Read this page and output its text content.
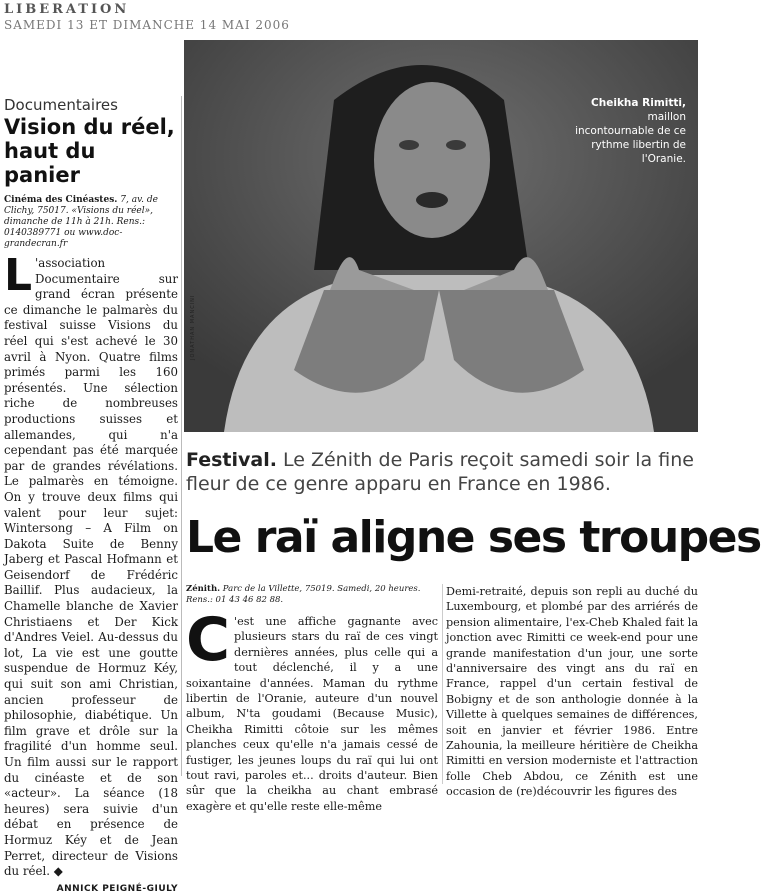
LIBERATION
SAMEDI 13 ET DIMANCHE 14 MAI 2006
Documentaires
Vision du réel, haut du panier
Cinéma des Cinéastes. 7, av. de Clichy, 75017. «Visions du réel», dimanche de 11h à 21h. Rens.: 0140389771 ou www.doc-grandecran.fr
L 'association Documentaire sur grand écran présente ce dimanche le palmarès du festival suisse Visions du réel qui s'est achevé le 30 avril à Nyon. Quatre films primés parmi les 160 présentés. Une sélection riche de nombreuses productions suisses et allemandes, qui n'a cependant pas été marquée par de grandes révélations. Le palmarès en témoigne. On y trouve deux films qui valent pour leur sujet: Wintersong – A Film on Dakota Suite de Benny Jaberg et Pascal Hofmann et Geisendorf de Frédéric Baillif. Plus audacieux, la Chamelle blanche de Xavier Christiaens et Der Kick d'Andres Veiel. Au-dessus du lot, La vie est une goutte suspendue de Hormuz Kéy, qui suit son ami Christian, ancien professeur de philosophie, diabétique. Un film grave et drôle sur la fragilité d'un homme seul. Un film aussi sur le rapport du cinéaste et de son «acteur». La séance (18 heures) sera suivie d'un débat en présence de Hormuz Kéy et de Jean Perret, directeur de Visions du réel. ◆
ANNICK PEIGNÉ-GIULY
Cheikha Rimitti,
maillon incontournable de ce rythme libertin de l'Oranie.
JONATHAN MANCINI
Festival. Le Zénith de Paris reçoit samedi soir la fine fleur de ce genre apparu en France en 1986.
Le raï aligne ses troupes
Zénith. Parc de la Villette, 75019. Samedi, 20 heures. Rens.: 01 43 46 82 88.
C 'est une affiche gagnante avec plusieurs stars du raï de ces vingt dernières années, plus celle qui a tout déclenché, il y a une soixantaine d'années. Maman du rythme libertin de l'Oranie, auteure d'un nouvel album, N'ta goudami (Because Music), Cheikha Rimitti côtoie sur les mêmes planches ceux qu'elle n'a jamais cessé de fustiger, les jeunes loups du raï qui lui ont tout ravi, paroles et... droits d'auteur. Bien sûr que la cheikha au chant embrasé exagère et qu'elle reste elle-même
Demi-retraité, depuis son repli au duché du Luxembourg, et plombé par des arriérés de pension alimentaire, l'ex-Cheb Khaled fait la jonction avec Rimitti ce week-end pour une grande manifestation d'un jour, une sorte d'anniversaire des vingt ans du raï en France, rappel d'un certain festival de Bobigny et de son anthologie donnée à la Villette à quelques semaines de différences, soit en janvier et février 1986. Entre Zahounia, la meilleure héritière de Cheikha Rimitti en version moderniste et l'attraction folle Cheb Abdou, ce Zénith est une occasion de (re)découvrir les figures des
